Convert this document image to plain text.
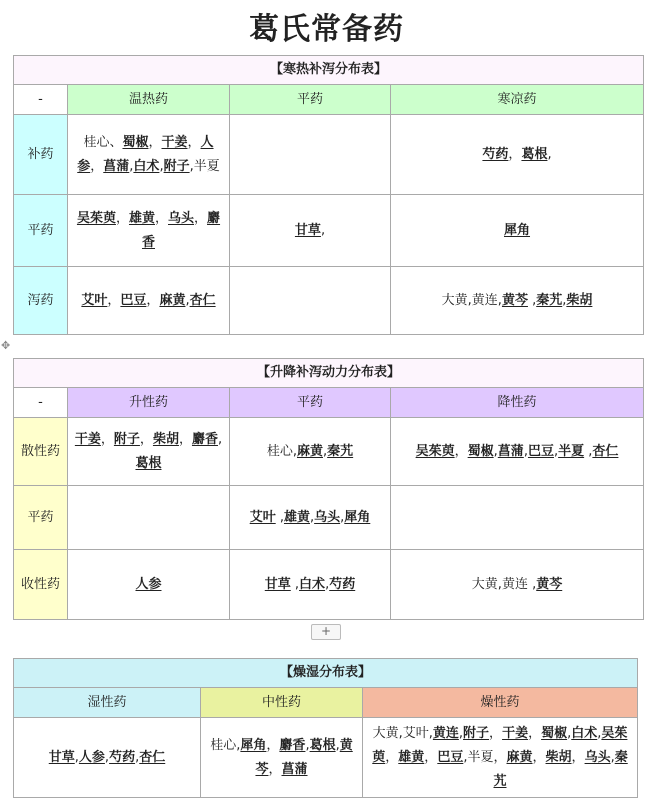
葛氏常备药
✥
【寒热补泻分布表】			
-	温热药	平药	寒凉药
补药	桂心、蜀椒，干姜，人参，菖蒲,白术,附子,半夏		芍药，葛根,
平药	吴茱萸，雄黄，乌头，麝香	甘草,	犀角
泻药	艾叶，巴豆，麻黄,杏仁		大黄,黄连,黄芩 ,秦艽,柴胡
【升降补泻动力分布表】			
-	升性药	平药	降性药
散性药	干姜，附子，柴胡，麝香,葛根	桂心,麻黄,秦艽	吴茱萸，蜀椒,菖蒲,巴豆,半夏 ,杏仁
平药		艾叶 ,雄黄,乌头,犀角	
收性药	人参	甘草 ,白术,芍药	大黄,黄连 ,黄芩
+
【燥湿分布表】		
湿性药	中性药	燥性药
甘草,人参,芍药,杏仁	桂心,犀角，麝香,葛根,黄芩，菖蒲	大黄,艾叶,黄连,附子，干姜，蜀椒,白术,吴茱萸，雄黄，巴豆,半夏，麻黄，柴胡，乌头,秦艽
